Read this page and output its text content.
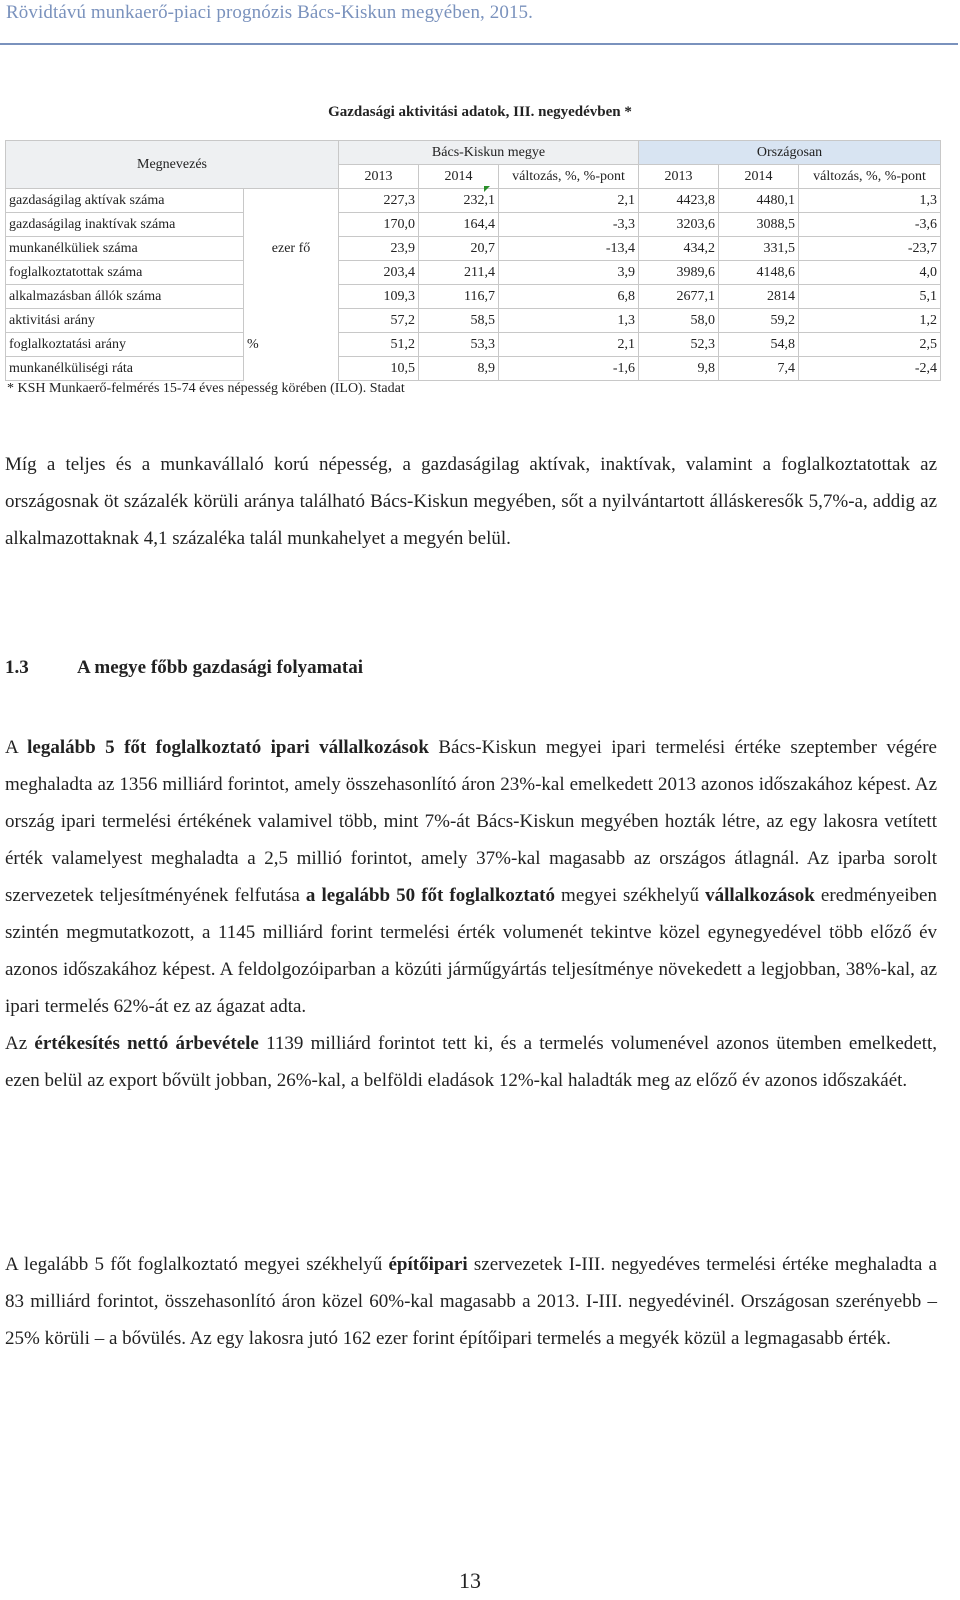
Rövidtávú munkaerő-piaci prognózis Bács-Kiskun megyében, 2015.
Gazdasági aktivitási adatok, III. negyedévben *
Megnevezés		Bács-Kiskun megye			Országosan		
		2013	2014	változás, %, %-pont	2013	2014	változás, %, %-pont
gazdaságilag aktívak száma	ezer fő	227,3	232,1	2,1	4423,8	4480,1	1,3
gazdaságilag inaktívak száma		170,0	164,4	-3,3	3203,6	3088,5	-3,6
munkanélküliek száma		23,9	20,7	-13,4	434,2	331,5	-23,7
foglalkoztatottak száma		203,4	211,4	3,9	3989,6	4148,6	4,0
alkalmazásban állók száma		109,3	116,7	6,8	2677,1	2814	5,1
aktivitási arány	%	57,2	58,5	1,3	58,0	59,2	1,2
foglalkoztatási arány		51,2	53,3	2,1	52,3	54,8	2,5
munkanélküliségi ráta		10,5	8,9	-1,6	9,8	7,4	-2,4
* KSH Munkaerő-felmérés 15-74 éves népesség körében (ILO). Stadat

Míg a teljes és a munkavállaló korú népesség, a gazdaságilag aktívak, inaktívak, valamint a foglalkoztatottak az országosnak öt százalék körüli aránya található Bács-Kiskun megyében, sőt a nyilvántartott álláskeresők 5,7%-a, addig az alkalmazottaknak 4,1 százaléka talál munkahelyet a megyén belül.

1.3	A megye főbb gazdasági folyamatai

A legalább 5 főt foglalkoztató ipari vállalkozások Bács-Kiskun megyei ipari termelési értéke szeptember végére meghaladta az 1356 milliárd forintot, amely összehasonlító áron 23%-kal emelkedett 2013 azonos időszakához képest. Az ország ipari termelési értékének valamivel több, mint 7%-át Bács-Kiskun megyében hozták létre, az egy lakosra vetített érték valamelyest meghaladta a 2,5 millió forintot, amely 37%-kal magasabb az országos átlagnál. Az iparba sorolt szervezetek teljesítményének felfutása a legalább 50 főt foglalkoztató megyei székhelyű vállalkozások eredményeiben szintén megmutatkozott, a 1145 milliárd forint termelési érték volumenét tekintve közel egynegyedével több előző év azonos időszakához képest. A feldolgozóiparban a közúti járműgyártás teljesítménye növekedett a legjobban, 38%-kal, az ipari termelés 62%-át ez az ágazat adta.
Az értékesítés nettó árbevétele 1139 milliárd forintot tett ki, és a termelés volumenével azonos ütemben emelkedett, ezen belül az export bővült jobban, 26%-kal, a belföldi eladások 12%-kal haladták meg az előző év azonos időszakáét.

A legalább 5 főt foglalkoztató megyei székhelyű építőipari szervezetek I-III. negyedéves termelési értéke meghaladta a 83 milliárd forintot, összehasonlító áron közel 60%-kal magasabb a 2013. I-III. negyedévinél. Országosan szerényebb – 25% körüli – a bővülés. Az egy lakosra jutó 162 ezer forint építőipari termelés a megyék közül a legmagasabb érték.

13
